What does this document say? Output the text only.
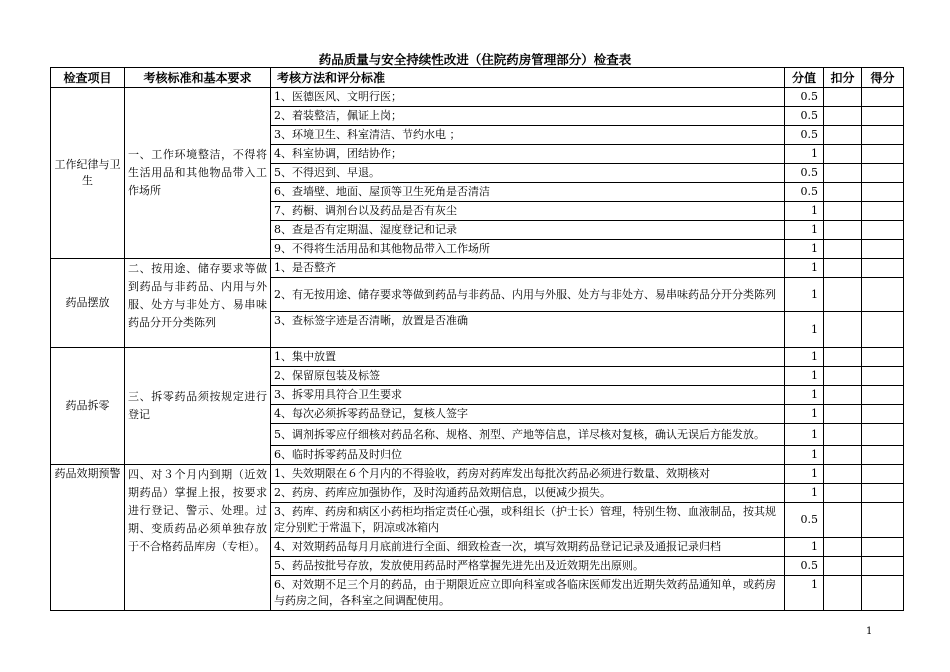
药品质量与安全持续性改进（住院药房管理部分）检查表
检查项目	考核标准和基本要求	考核方法和评分标准	分值	扣分	得分
工作纪律与卫生	一、工作环境整洁，不得将生活用品和其他物品带入工作场所	1、医德医风、文明行医；	0.5		
		2、着装整洁，佩证上岗；	0.5		
		3、环境卫生、科室清洁、节约水电 ；	0.5		
		4、科室协调，团结协作；	1		
		5、不得迟到、早退。	0.5		
		6、查墙壁、地面、屋顶等卫生死角是否清洁	0.5		
		7、药橱、调剂台以及药品是否有灰尘	1		
		8、查是否有定期温、湿度登记和记录	1		
		9、不得将生活用品和其他物品带入工作场所	1		
药品摆放	二、按用途、储存要求等做到药品与非药品、内用与外服、处方与非处方、易串味药品分开分类陈列	1、是否整齐	1		
		2、有无按用途、储存要求等做到药品与非药品、内用与外服、处方与非处方、易串味药品分开分类陈列	1		
		3、查标签字迹是否清晰，放置是否准确	1		
药品拆零	三、拆零药品须按规定进行登记	1、集中放置	1		
		2、保留原包装及标签	1		
		3、拆零用具符合卫生要求	1		
		4、每次必须拆零药品登记，复核人签字	1		
		5、调剂拆零应仔细核对药品名称、规格、剂型、产地等信息，详尽核对复核，确认无误后方能发放。	1		
		6、临时拆零药品及时归位	1		
药品效期预警	四、对３个月内到期（近效期药品）掌握上报，按要求进行登记、警示、处理。过期、变质药品必须单独存放于不合格药品库房（专柜）。	1、失效期限在６个月内的不得验收，药房对药库发出每批次药品必须进行数量、效期核对	1		
		2、药房、药库应加强协作，及时沟通药品效期信息，以便减少损失。	1		
		3、药库、药房和病区小药柜均指定责任心强，或科组长（护士长）管理，特别生物、血液制品，按其规定分别贮于常温下，阴凉或冰箱内	0.5		
		4、对效期药品每月月底前进行全面、细致检查一次，填写效期药品登记记录及通报记录归档	1		
		5、药品按批号存放，发放使用药品时严格掌握先进先出及近效期先出原则。	0.5		
		6、对效期不足三个月的药品，由于期限近应立即向科室或各临床医师发出近期失效药品通知单，或药房与药房之间，各科室之间调配使用。	1		
1
